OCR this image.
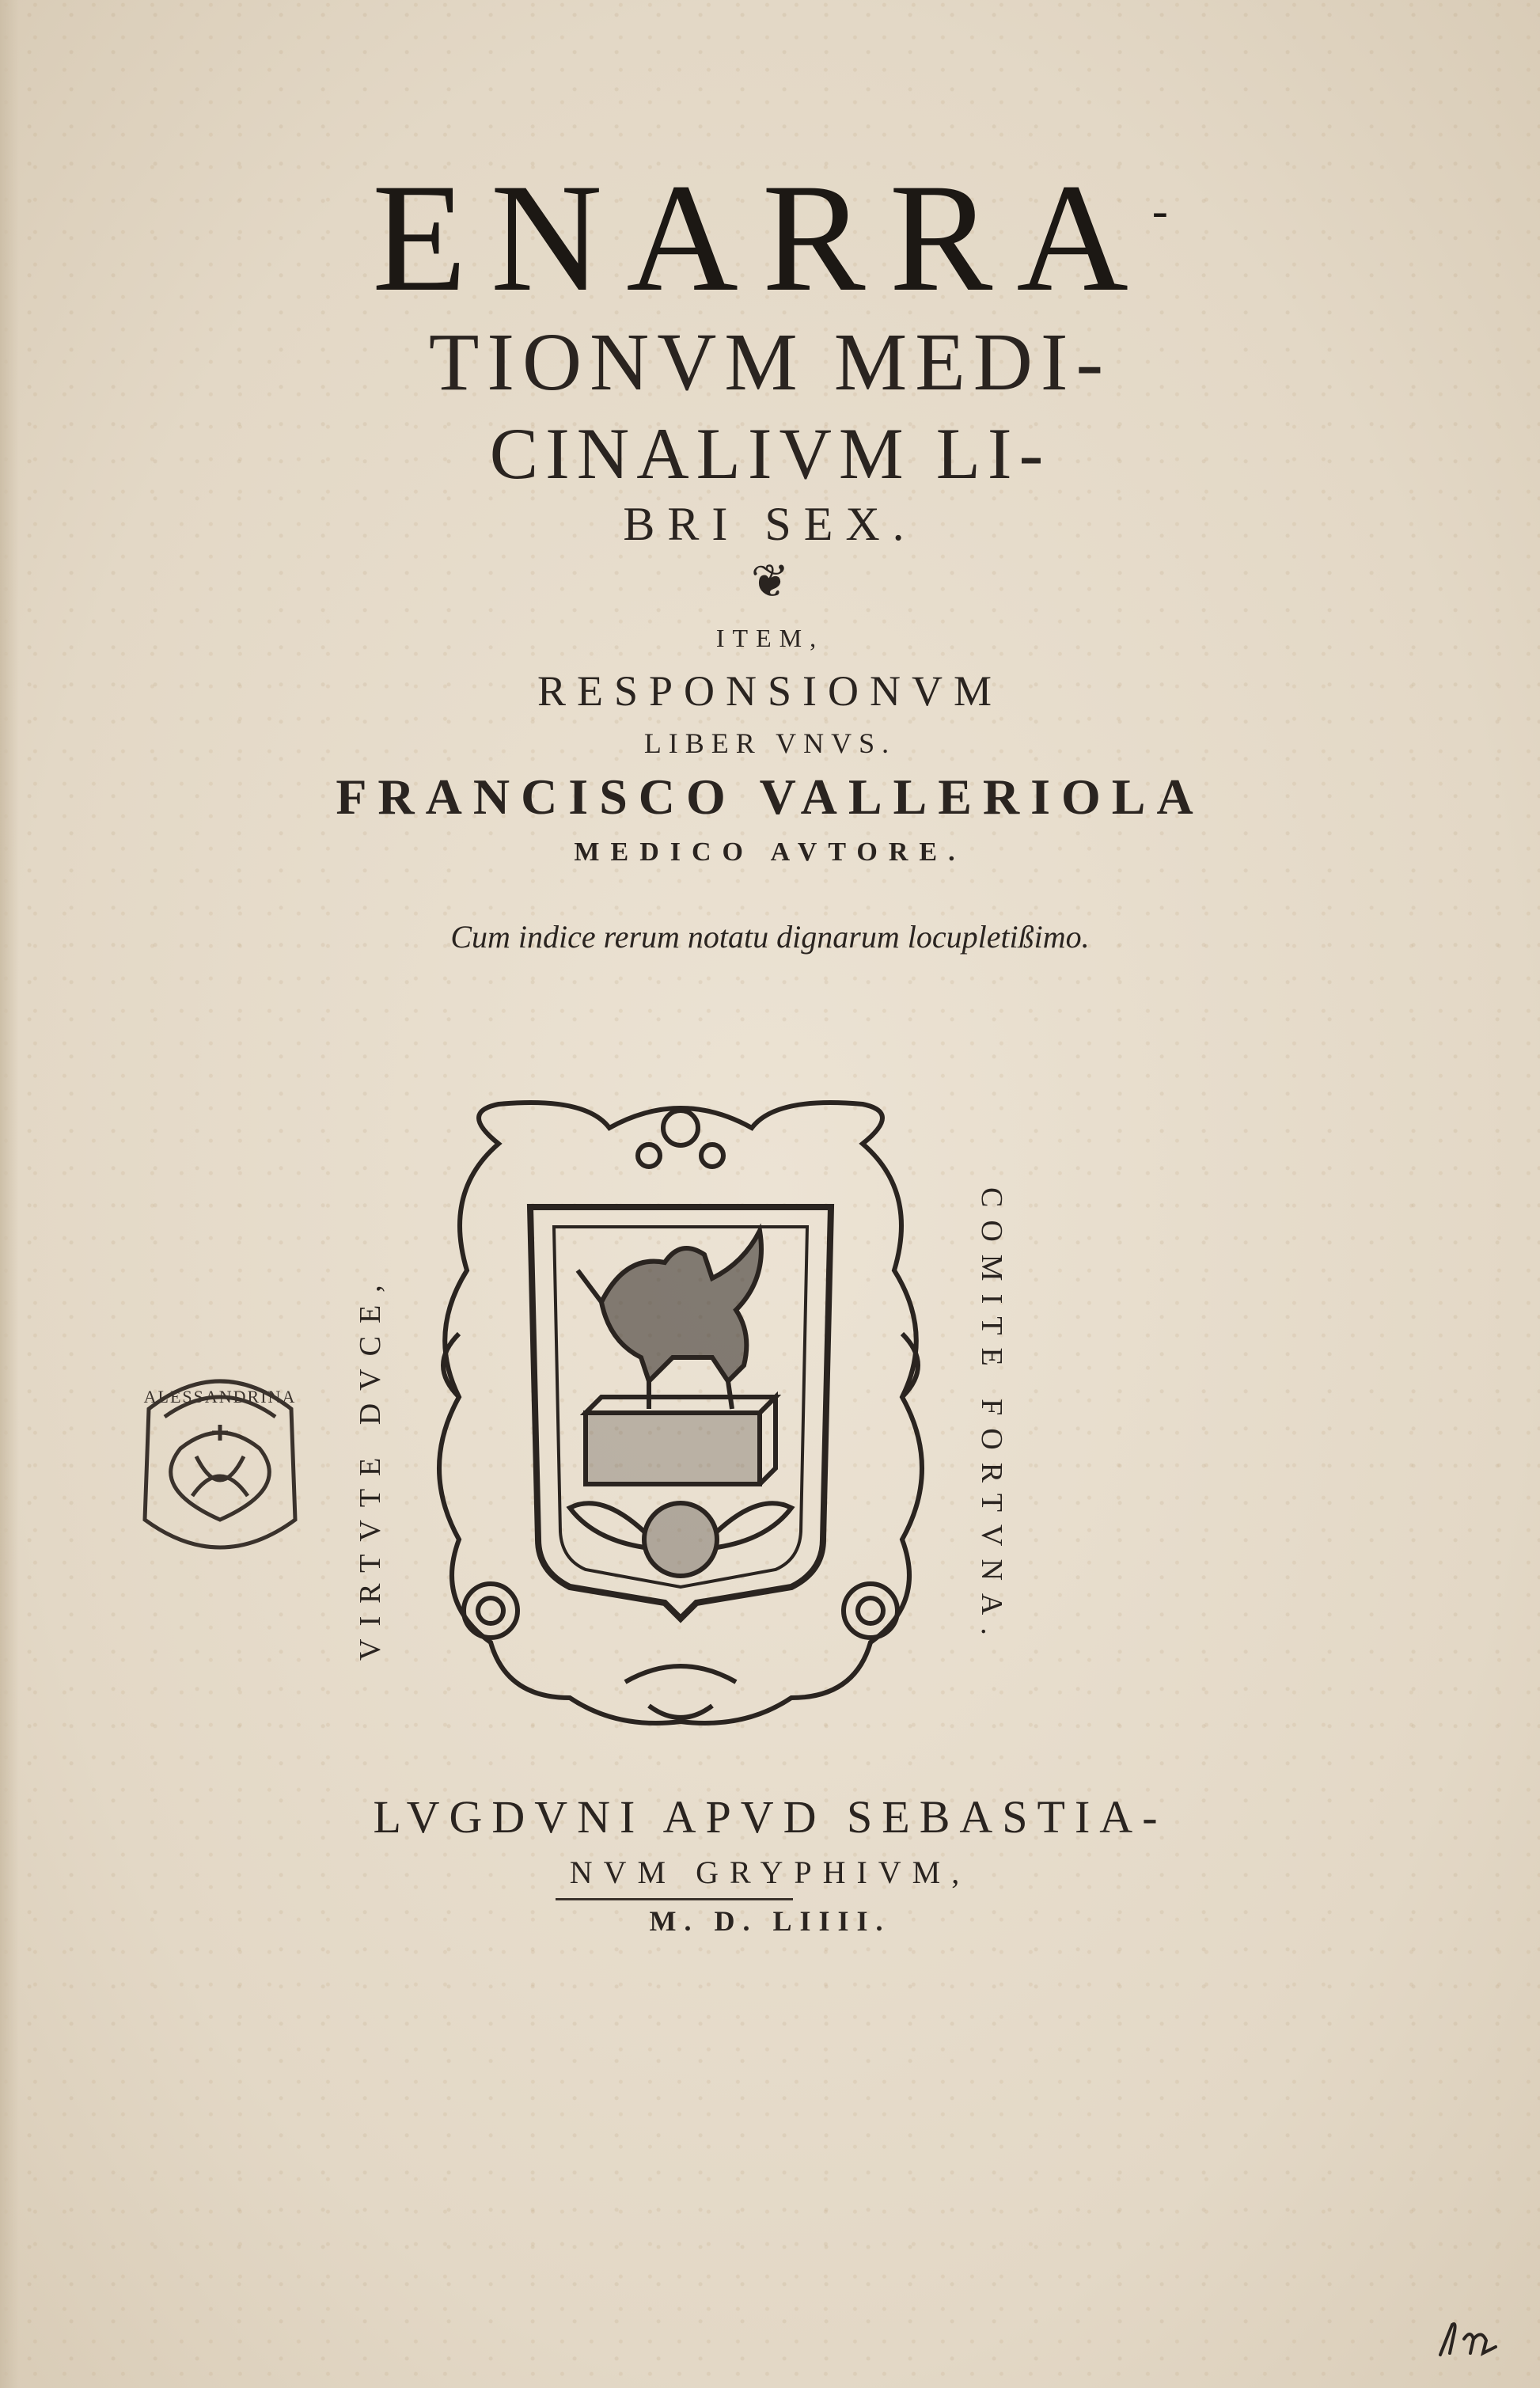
ENARRA-

TIONVM MEDI-

CINALIVM LI-

BRI SEX.

❦

ITEM,

RESPONSIONVM

LIBER VNVS.

FRANCISCO VALLERIOLA

MEDICO AVTORE.

Cum indice rerum notatu dignarum locupletißimo.

VIRTVTE DVCE,	COMITE FORTVNA.
ALESSANDRINA

LVGDVNI APVD SEBASTIA-

NVM GRYPHIVM,

M. D. LIIII.
